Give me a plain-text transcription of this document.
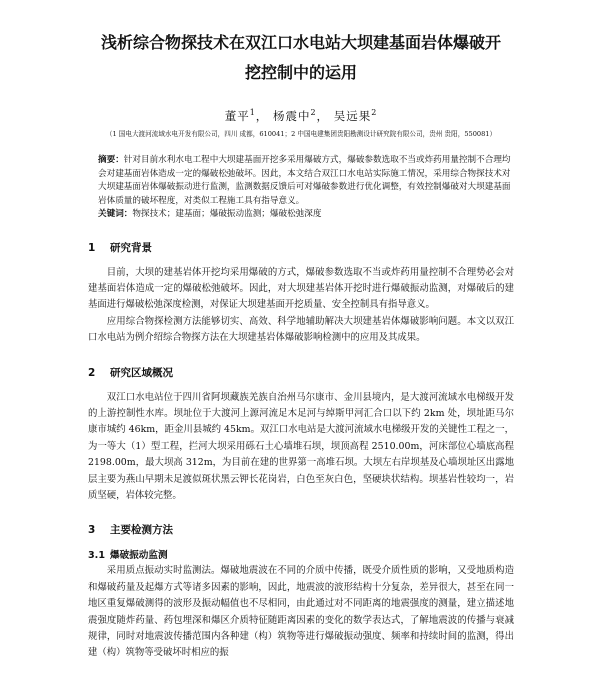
浅析综合物探技术在双江口水电站大坝建基面岩体爆破开
挖控制中的运用
董平$^1$， 杨震中$^2$， 吴远果$^2$
（1 国电大渡河流域水电开发有限公司，四川 成都，610041；2 中国电建集团贵阳勘测设计研究院有限公司，贵州 贵阳，550081）
摘要：针对目前水利水电工程中大坝建基面开挖多采用爆破方式，爆破参数选取不当或炸药用量控制不合理均会对建基面岩体造成一定的爆破松弛破坏。因此，本文结合双江口水电站实际施工情况，采用综合物探技术对大坝建基面岩体爆破振动进行监测，监测数据反馈后可对爆破参数进行优化调整，有效控制爆破对大坝建基面岩体质量的破坏程度，对类似工程施工具有指导意义。
关键词：物探技术；建基面；爆破振动监测；爆破松弛深度
1 研究背景

目前，大坝的建基岩体开挖均采用爆破的方式，爆破参数选取不当或炸药用量控制不合理势必会对建基面岩体造成一定的爆破松弛破坏。因此，对大坝建基岩体开挖时进行爆破振动监测，对爆破后的建基面进行爆破松弛深度检测，对保证大坝建基面开挖质量、安全控制具有指导意义。

应用综合物探检测方法能够切实、高效、科学地辅助解决大坝建基岩体爆破影响问题。本文以双江口水电站为例介绍综合物探方法在大坝建基岩体爆破影响检测中的应用及其成果。

2 研究区域概况

双江口水电站位于四川省阿坝藏族羌族自治州马尔康市、金川县境内，是大渡河流域水电梯级开发的上游控制性水库。坝址位于大渡河上源河流足木足河与绰斯甲河汇合口以下约 2km 处，坝址距马尔康市城约 46km，距金川县城约 45km。双江口水电站是大渡河流域水电梯级开发的关键性工程之一，为一等大（1）型工程，拦河大坝采用砾石土心墙堆石坝，坝顶高程 2510.00m，河床部位心墙底高程 2198.00m，最大坝高 312m，为目前在建的世界第一高堆石坝。大坝左右岸坝基及心墙坝址区出露地层主要为燕山早期未足渡似斑状黑云钾长花岗岩，白色至灰白色，坚硬块状结构。坝基岩性较均一，岩质坚硬，岩体较完整。

3 主要检测方法
3.1 爆破振动监测

采用质点振动实时监测法。爆破地震波在不同的介质中传播，既受介质性质的影响，又受地质构造和爆破药量及起爆方式等诸多因素的影响，因此，地震波的波形结构十分复杂，差异很大，甚至在同一地区重复爆破测得的波形及振动幅值也不尽相同，由此通过对不同距离的地震强度的测量，建立描述地震强度随炸药量、药包埋深和爆区介质特征随距离因素的变化的数学表达式，了解地震波的传播与衰减规律，同时对地震波传播范围内各种建（构）筑物等进行爆破振动强度、频率和持续时间的监测，得出建（构）筑物等受破坏时相应的振
